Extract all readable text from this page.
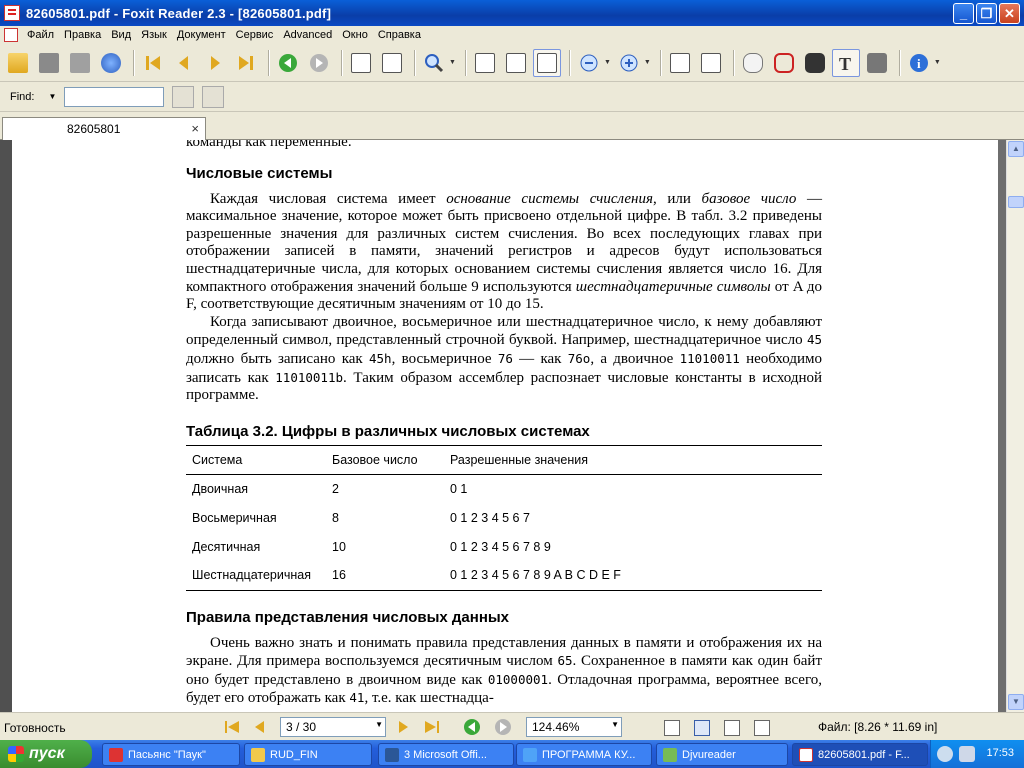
82605801.pdf - Foxit Reader 2.3 - [82605801.pdf]	_	❐ ✕
Файл Правка Вид Язык Документ Сервис Advanced Окно Справка
▼	▼	▼	T	i ▼
Find: ▼
82605801	×

команды как переменные.

Числовые системы

Каждая числовая система имеет основание системы счисления, или базовое число — максимальное значение, которое может быть присвоено отдельной цифре. В табл. 3.2 приведены разрешенные значения для различных систем счисления. Во всех последующих главах при отображении записей в памяти, значений регистров и адресов будут использоваться шестнадцатеричные числа, для которых основанием системы счисления является число 16. Для компактного отображения значений больше 9 используются шестнадцатеричные символы от A до F, соответствующие десятичным значениям от 10 до 15.

Когда записывают двоичное, восьмеричное или шестнадцатеричное число, к нему добавляют определенный символ, представленный строчной буквой. Например, шестнадцатеричное число 45 должно быть записано как 45h, восьмеричное 76 — как 76o, а двоичное 11010011 необходимо записать как 11010011b. Таким образом ассемблер распознает числовые константы в исходной программе.

Таблица 3.2. Цифры в различных числовых системах
Система	Базовое число	Разрешенные значения
Двоичная	2	0 1
Восьмеричная	8	0 1 2 3 4 5 6 7
Десятичная	10	0 1 2 3 4 5 6 7 8 9
Шестнадцатеричная	16	0 1 2 3 4 5 6 7 8 9 A B C D E F
Правила представления числовых данных

Очень важно знать и понимать правила представления данных в памяти и отображения их на экране. Для примера воспользуемся десятичным числом 65. Сохраненное в памяти как один байт оно будет представлено в двоичном виде как 01000001. Отладочная программа, вероятнее всего, будет его отображать как 41, т.е. как шестнадца-

▲
▼
Готовность	3 / 30	▼	124.46%	▼	Файл: [8.26 * 11.69 in]
пуск	Пасьянс "Паук"	RUD_FIN	3 Microsoft Offi...	ПРОГРАММА КУ...	Djvureader	82605801.pdf - F...	17:53
